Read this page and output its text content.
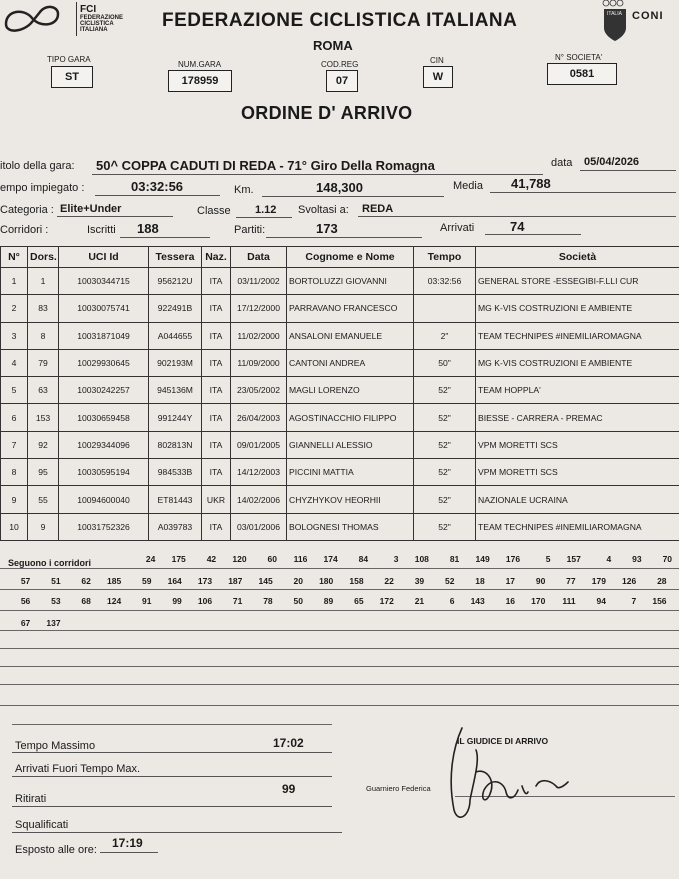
FCI
FEDERAZIONE
CICLISTICA
ITALIANA	FEDERAZIONE CICLISTICA ITALIANA	ITALIA CONI
ROMA
TIPO GARA
ST
NUM.GARA
178959
COD.REG
07
CIN
W
N° SOCIETA'
0581
ORDINE D' ARRIVO
itolo della gara: 50^ COPPA CADUTI DI REDA - 71° Giro Della Romagna	data 05/04/2026
empo impiegato :	03:32:56	Km.	148,300	Media 41,788
Categoria : Elite+Under	Classe 1.12 Svoltasi a: REDA
Corridori :	Iscritti 188	Partiti:	173	Arrivati	74
N°	Dors.	UCI Id	Tessera	Naz.	Data	Cognome e Nome	Tempo	Società
1	1	10030344715	956212U	ITA	03/11/2002	BORTOLUZZI GIOVANNI	03:32:56	GENERAL STORE -ESSEGIBI-F.LLI CUR
2	83	10030075741	922491B	ITA	17/12/2000	PARRAVANO FRANCESCO		MG K-VIS COSTRUZIONI E AMBIENTE
3	8	10031871049	A044655	ITA	11/02/2000	ANSALONI EMANUELE	2"	TEAM TECHNIPES #INEMILIAROMAGNA
4	79	10029930645	902193M	ITA	11/09/2000	CANTONI ANDREA	50"	MG K-VIS COSTRUZIONI E AMBIENTE
5	63	10030242257	945136M	ITA	23/05/2002	MAGLI LORENZO	52"	TEAM HOPPLA'
6	153	10030659458	991244Y	ITA	26/04/2003	AGOSTINACCHIO FILIPPO	52"	BIESSE - CARRERA - PREMAC
7	92	10029344096	802813N	ITA	09/01/2005	GIANNELLI ALESSIO	52"	VPM MORETTI SCS
8	95	10030595194	984533B	ITA	14/12/2003	PICCINI MATTIA	52"	VPM MORETTI SCS
9	55	10094600040	ET81443	UKR	14/02/2006	CHYZHYKOV HEORHII	52"	NAZIONALE UCRAINA
10	9	10031752326	A039783	ITA	03/01/2006	BOLOGNESI THOMAS	52"	TEAM TECHNIPES #INEMILIAROMAGNA
Seguono i corridori	24	175	42	120	60	116	174	84	3	108	81	149	176	5	157	4	93	70
57	51	62	185	59	164	173	187	145	20	180	158	22	39	52	18	17	90	77	179	126	28
56	53	68	124	91	99	106	71	78	50	89	65	172	21	6	143	16	170	111	94	7	156
67	137
Tempo Massimo	17:02
Arrivati Fuori Tempo Max.
99
Ritirati
Squalificati
Esposto alle ore: 17:19
IL GIUDICE DI ARRIVO
Guarniero Federica
